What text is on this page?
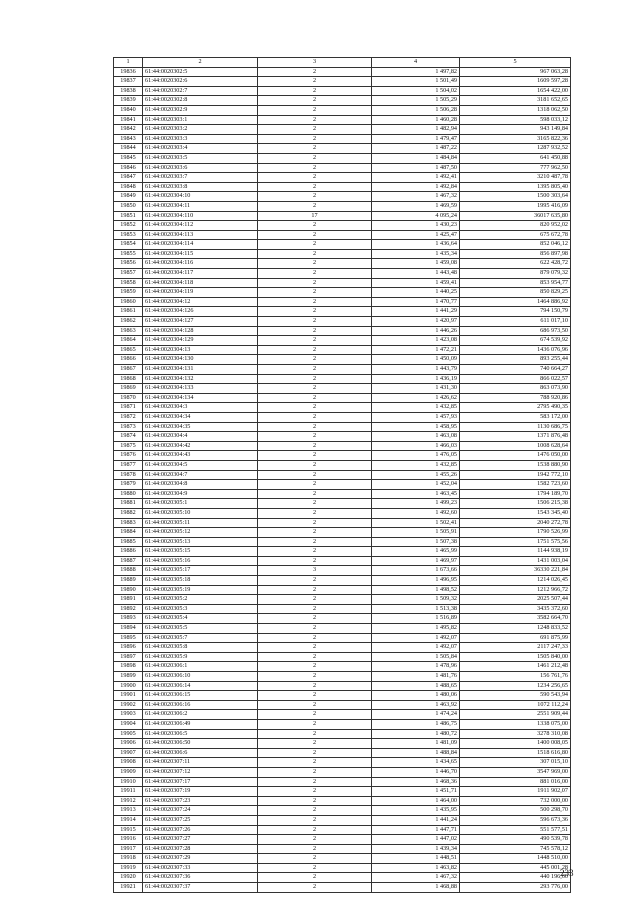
1	2	3	4	5
19836	61:44:0020302:5	2	1 497,82	967 063,28
19837	61:44:0020302:6	2	1 501,49	1609 597,28
19838	61:44:0020302:7	2	1 504,02	1654 422,00
19839	61:44:0020302:8	2	1 505,29	3181 652,65
19840	61:44:0020302:9	2	1 506,28	1318 062,50
19841	61:44:0020303:1	2	1 460,28	598 033,12
19842	61:44:0020303:2	2	1 482,94	943 149,84
19843	61:44:0020303:3	2	1 479,47	3165 822,36
19844	61:44:0020303:4	2	1 487,22	1287 932,52
19845	61:44:0020303:5	2	1 484,84	641 450,88
19846	61:44:0020303:6	2	1 487,50	777 962,50
19847	61:44:0020303:7	2	1 492,41	3210 487,78
19848	61:44:0020303:8	2	1 492,84	1395 805,40
19849	61:44:0020304:10	2	1 467,32	1500 303,64
19850	61:44:0020304:11	2	1 469,59	1995 416,09
19851	61:44:0020304:110	17	4 095,24	36017 635,80
19852	61:44:0020304:112	2	1 430,23	820 952,02
19853	61:44:0020304:113	2	1 425,47	675 672,78
19854	61:44:0020304:114	2	1 436,64	852 046,12
19855	61:44:0020304:115	2	1 435,34	856 897,98
19856	61:44:0020304:116	2	1 459,08	622 428,72
19857	61:44:0020304:117	2	1 443,48	879 079,32
19858	61:44:0020304:118	2	1 459,41	853 954,77
19859	61:44:0020304:119	2	1 440,25	850 829,25
19860	61:44:0020304:12	2	1 470,77	1464 886,92
19861	61:44:0020304:126	2	1 441,29	794 150,79
19862	61:44:0020304:127	2	1 420,97	611 017,10
19863	61:44:0020304:128	2	1 446,26	686 973,50
19864	61:44:0020304:129	2	1 423,08	674 539,92
19865	61:44:0020304:13	2	1 472,21	1436 076,96
19866	61:44:0020304:130	2	1 450,09	893 255,44
19867	61:44:0020304:131	2	1 443,79	740 664,27
19868	61:44:0020304:132	2	1 436,19	866 022,57
19869	61:44:0020304:133	2	1 431,30	863 073,90
19870	61:44:0020304:134	2	1 426,62	788 920,86
19871	61:44:0020304:3	2	1 432,85	2795 490,35
19872	61:44:0020304:34	2	1 457,93	583 172,00
19873	61:44:0020304:35	2	1 458,95	1130 686,75
19874	61:44:0020304:4	2	1 463,08	1371 876,48
19875	61:44:0020304:42	2	1 466,03	1008 628,64
19876	61:44:0020304:43	2	1 476,05	1476 050,00
19877	61:44:0020304:5	2	1 432,85	1538 880,90
19878	61:44:0020304:7	2	1 455,26	1942 772,10
19879	61:44:0020304:8	2	1 452,04	1582 723,60
19880	61:44:0020304:9	2	1 463,45	1794 189,70
19881	61:44:0020305:1	2	1 499,23	1506 215,38
19882	61:44:0020305:10	2	1 492,60	1543 345,40
19883	61:44:0020305:11	2	1 502,41	2040 272,78
19884	61:44:0020305:12	2	1 505,91	1790 526,99
19885	61:44:0020305:13	2	1 507,38	1751 575,56
19886	61:44:0020305:15	2	1 465,99	1144 938,19
19887	61:44:0020305:16	2	1 469,97	1431 003,04
19888	61:44:0020305:17	3	1 673,66	36330 221,84
19889	61:44:0020305:18	2	1 496,95	1214 026,45
19890	61:44:0020305:19	2	1 498,52	1212 966,72
19891	61:44:0020305:2	2	1 509,32	2025 507,44
19892	61:44:0020305:3	2	1 513,38	3435 372,60
19893	61:44:0020305:4	2	1 516,89	3582 664,70
19894	61:44:0020305:5	2	1 495,82	1248 833,52
19895	61:44:0020305:7	2	1 492,07	691 875,99
19896	61:44:0020305:8	2	1 492,07	2117 247,33
19897	61:44:0020305:9	2	1 505,84	1505 840,00
19898	61:44:0020306:1	2	1 478,96	1461 212,48
19899	61:44:0020306:10	2	1 481,76	156 761,76
19900	61:44:0020306:14	2	1 488,65	1234 256,65
19901	61:44:0020306:15	2	1 480,06	590 543,94
19902	61:44:0020306:16	2	1 463,92	1072 112,24
19903	61:44:0020306:2	2	1 474,24	2551 909,44
19904	61:44:0020306:49	2	1 486,75	1338 075,00
19905	61:44:0020306:5	2	1 480,72	3278 310,08
19906	61:44:0020306:50	2	1 481,09	1400 008,05
19907	61:44:0020306:6	2	1 488,84	1518 616,80
19908	61:44:0020307:11	2	1 434,65	307 015,10
19909	61:44:0020307:12	2	1 446,70	3547 969,00
19910	61:44:0020307:17	2	1 468,36	881 016,00
19911	61:44:0020307:19	2	1 451,71	1911 902,07
19912	61:44:0020307:23	2	1 464,00	732 000,00
19913	61:44:0020307:24	2	1 435,95	500 298,70
19914	61:44:0020307:25	2	1 441,24	596 673,36
19915	61:44:0020307:26	2	1 447,71	551 577,51
19916	61:44:0020307:27	2	1 447,02	490 539,78
19917	61:44:0020307:28	2	1 439,34	745 578,12
19918	61:44:0020307:29	2	1 448,51	1448 510,00
19919	61:44:0020307:33	2	1 463,82	445 001,28
19920	61:44:0020307:36	2	1 467,32	440 196,00
19921	61:44:0020307:37	2	1 468,88	293 776,00
233
